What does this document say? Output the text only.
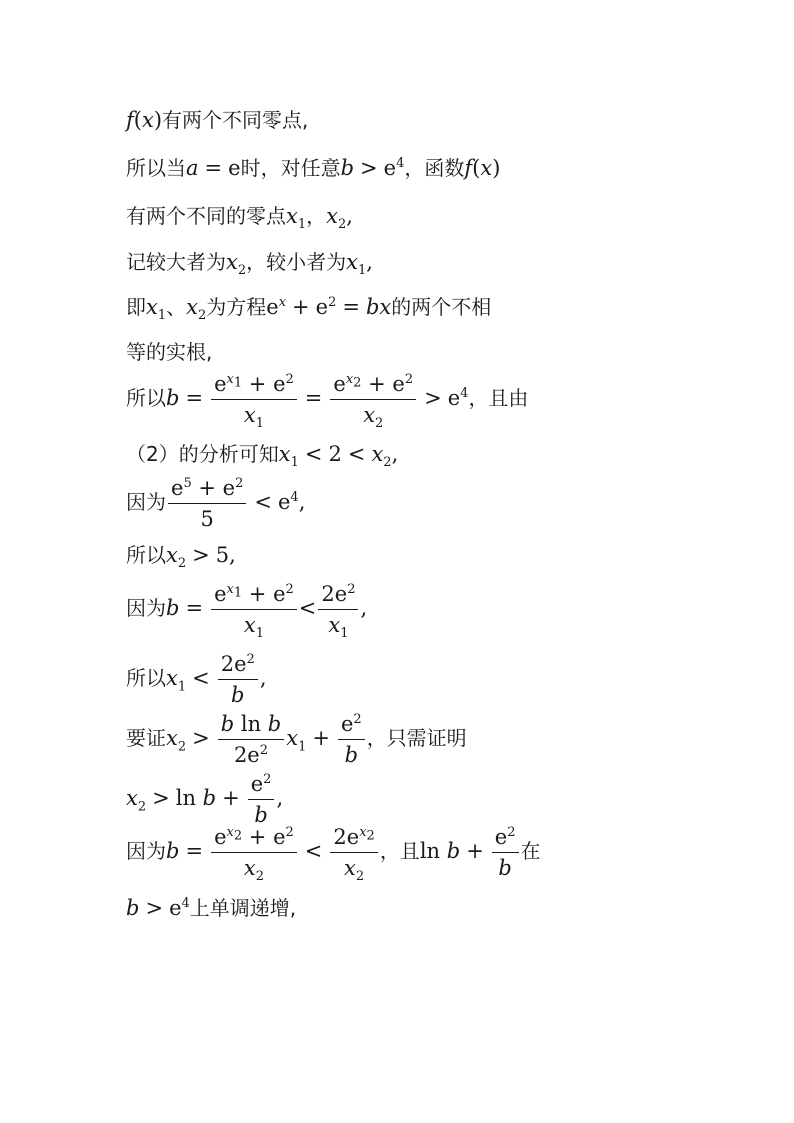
f(x)有两个不同零点,
所以当a = e时，对任意$b > e^4$，函数f(x)
有两个不同的零点$x_1$，$x_2$,
记较大者为$x_2$，较小者为$x_1$,
即$x_1$、$x_2$为方程$e^x + e^2$ = bx的两个不相
等的实根,
所以$b = \frac{e^{x_1} + e^2}{x_1} = \frac{e^{x_2} + e^2}{x_2} > e^4$，且由
（2）的分析可知$x_1 < 2 < x_2$,
因为 $\frac{e^5 + e^2}{5} < e^4$,
所以$x_2 > 5$,
因为$b = \frac{e^{x_1} + e^2}{x_1} < \frac{2e^2}{x_1}$ ,
所以$x_1 < \frac{2e^2}{b}$ ,
要证$x_2 > \frac{\text{b ln b}}{2e^2} x_1 + \frac{e^2}{b}$ ，只需证明
$x_2 > \ln b + \frac{e^2}{b}$ ,
因为$b = \frac{e^{x_2} + e^2}{x_2} < \frac{2e^{x_2}}{x_2}$ ，且$\ln b + \frac{e^2}{b}$ 在
$b > e^4$上单调递增,
